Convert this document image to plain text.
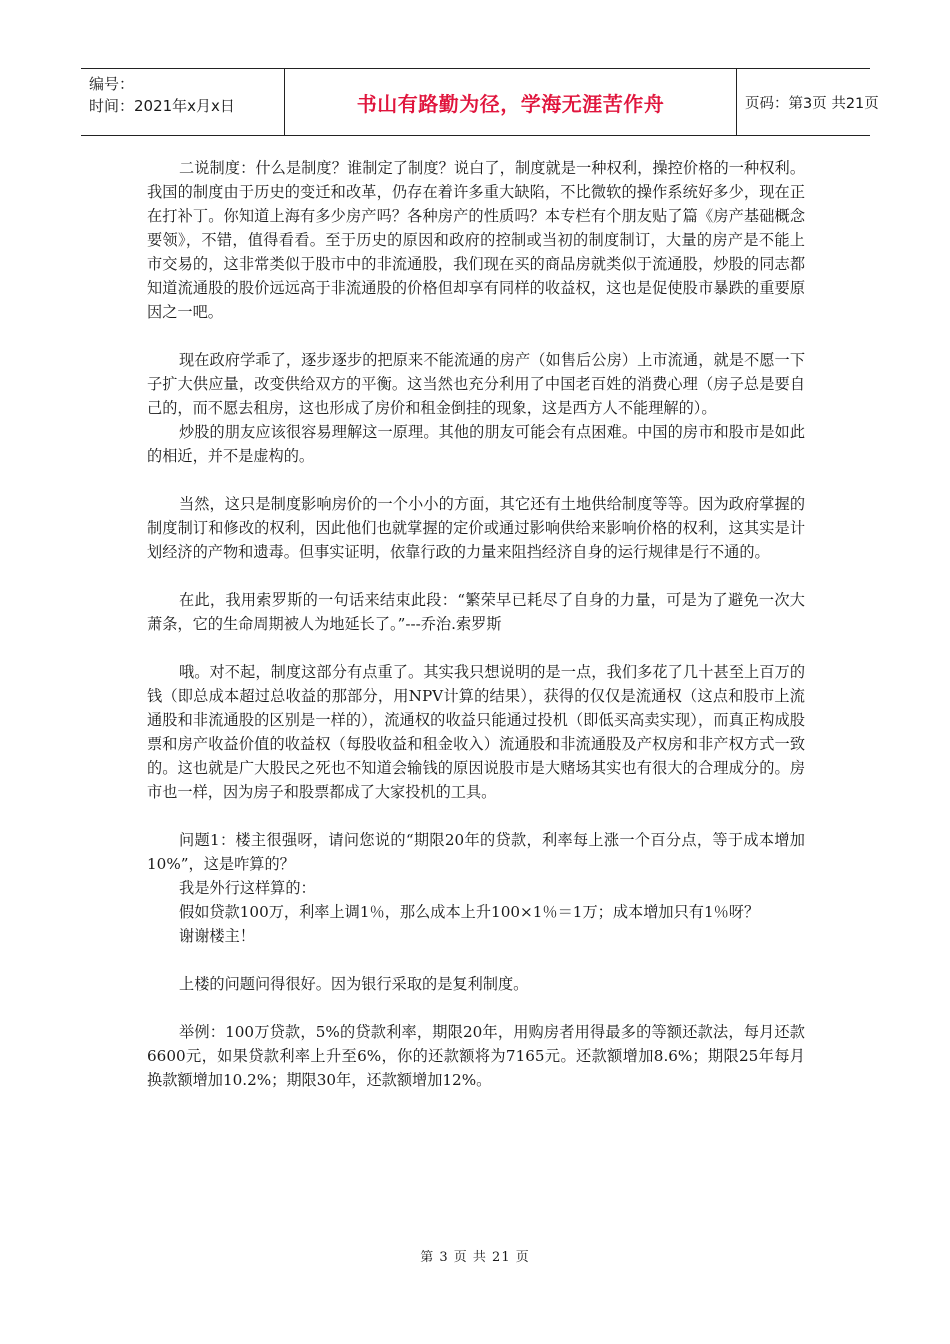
编号：
时间：2021年x月x日	书山有路勤为径，学海无涯苦作舟	页码：第3页 共21页

二说制度：什么是制度？谁制定了制度？说白了，制度就是一种权利，操控价格的一种权利。我国的制度由于历史的变迁和改革，仍存在着许多重大缺陷，不比微软的操作系统好多少，现在正在打补丁。你知道上海有多少房产吗？各种房产的性质吗？本专栏有个朋友贴了篇《房产基础概念要领》，不错，值得看看。至于历史的原因和政府的控制或当初的制度制订，大量的房产是不能上市交易的，这非常类似于股市中的非流通股，我们现在买的商品房就类似于流通股，炒股的同志都知道流通股的股价远远高于非流通股的价格但却享有同样的收益权，这也是促使股市暴跌的重要原因之一吧。

现在政府学乖了，逐步逐步的把原来不能流通的房产（如售后公房）上市流通，就是不愿一下子扩大供应量，改变供给双方的平衡。这当然也充分利用了中国老百姓的消费心理（房子总是要自己的，而不愿去租房，这也形成了房价和租金倒挂的现象，这是西方人不能理解的）。

炒股的朋友应该很容易理解这一原理。其他的朋友可能会有点困难。中国的房市和股市是如此的相近，并不是虚构的。

当然，这只是制度影响房价的一个小小的方面，其它还有土地供给制度等等。因为政府掌握的制度制订和修改的权利，因此他们也就掌握的定价或通过影响供给来影响价格的权利，这其实是计划经济的产物和遗毒。但事实证明，依靠行政的力量来阻挡经济自身的运行规律是行不通的。

在此，我用索罗斯的一句话来结束此段：“繁荣早已耗尽了自身的力量，可是为了避免一次大萧条，它的生命周期被人为地延长了。”---乔治.索罗斯

哦。对不起，制度这部分有点重了。其实我只想说明的是一点，我们多花了几十甚至上百万的钱（即总成本超过总收益的那部分，用NPV计算的结果），获得的仅仅是流通权（这点和股市上流通股和非流通股的区别是一样的），流通权的收益只能通过投机（即低买高卖实现），而真正构成股票和房产收益价值的收益权（每股收益和租金收入）流通股和非流通股及产权房和非产权方式一致的。这也就是广大股民之死也不知道会输钱的原因说股市是大赌场其实也有很大的合理成分的。房市也一样，因为房子和股票都成了大家投机的工具。

问题1：楼主很强呀，请问您说的“期限20年的贷款，利率每上涨一个百分点，等于成本增加10%”，这是咋算的？

我是外行这样算的：

假如贷款100万，利率上调1％，那么成本上升100×1％＝1万；成本增加只有1％呀？

谢谢楼主！

上楼的问题问得很好。因为银行采取的是复利制度。

举例：100万贷款，5%的贷款利率，期限20年，用购房者用得最多的等额还款法，每月还款6600元，如果贷款利率上升至6%，你的还款额将为7165元。还款额增加8.6%；期限25年每月换款额增加10.2%；期限30年，还款额增加12%。

第 3 页 共 21 页
